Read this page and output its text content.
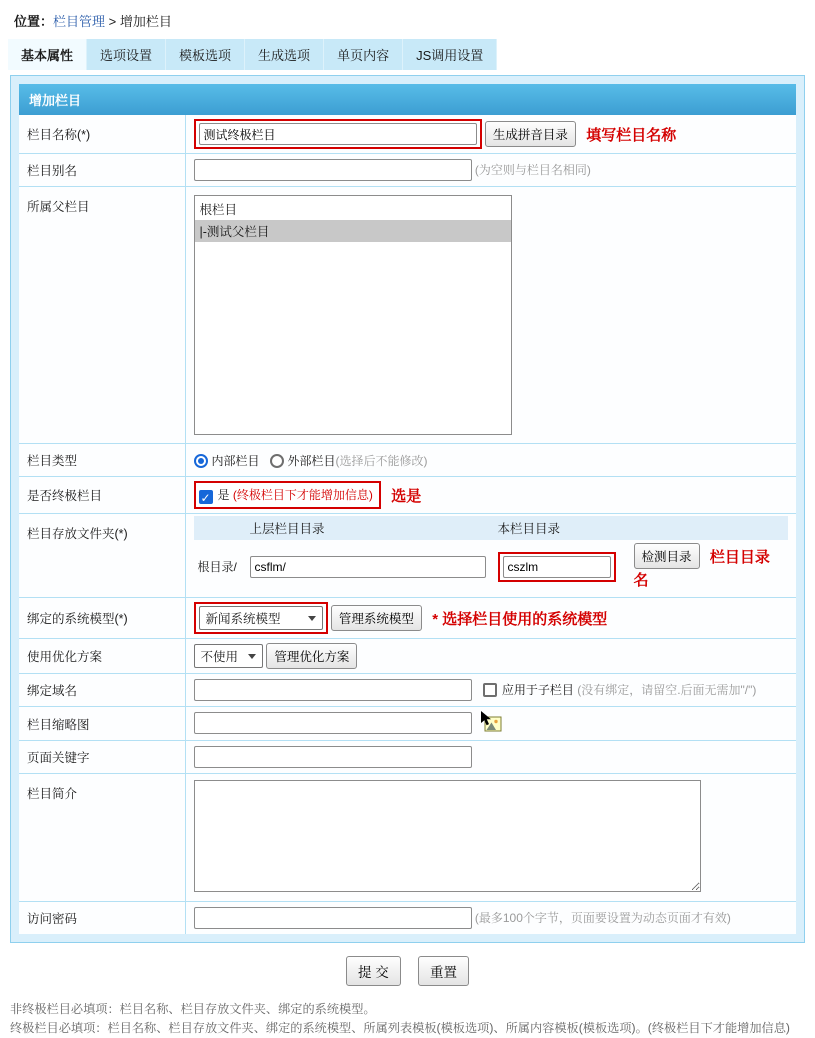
位置：栏目管理 > 增加栏目
基本属性	选项设置	模板选项	生成选项	单页内容	JS调用设置
增加栏目
栏目名称(*)	测试终极栏目生成拼音目录 填写栏目名称
栏目别名	(为空则与栏目名相同)
所属父栏目	根栏目
|-测试父栏目

栏目类型	内部栏目 外部栏目(选择后不能修改)
是否终极栏目	✓是 (终极栏目下才能增加信息) 选是
栏目存放文件夹(*)	
		上层栏目目录	本栏目目录	
根目录/	csflm/	cszlm	检测目录 栏目目录名

绑定的系统模型(*)	新闻系统模型	管理系统模型 * 选择栏目使用的系统模型
使用优化方案	不使用	管理优化方案
绑定域名	应用于子栏目 (没有绑定，请留空.后面无需加"/")
栏目缩略图	
页面关键字	
栏目简介	
访问密码	(最多100个字节，页面要设置为动态页面才有效)
提 交	重置
非终极栏目必填项：栏目名称、栏目存放文件夹、绑定的系统模型。
终极栏目必填项：栏目名称、栏目存放文件夹、绑定的系统模型、所属列表模板(模板选项)、所属内容模板(模板选项)。(终极栏目下才能增加信息)
